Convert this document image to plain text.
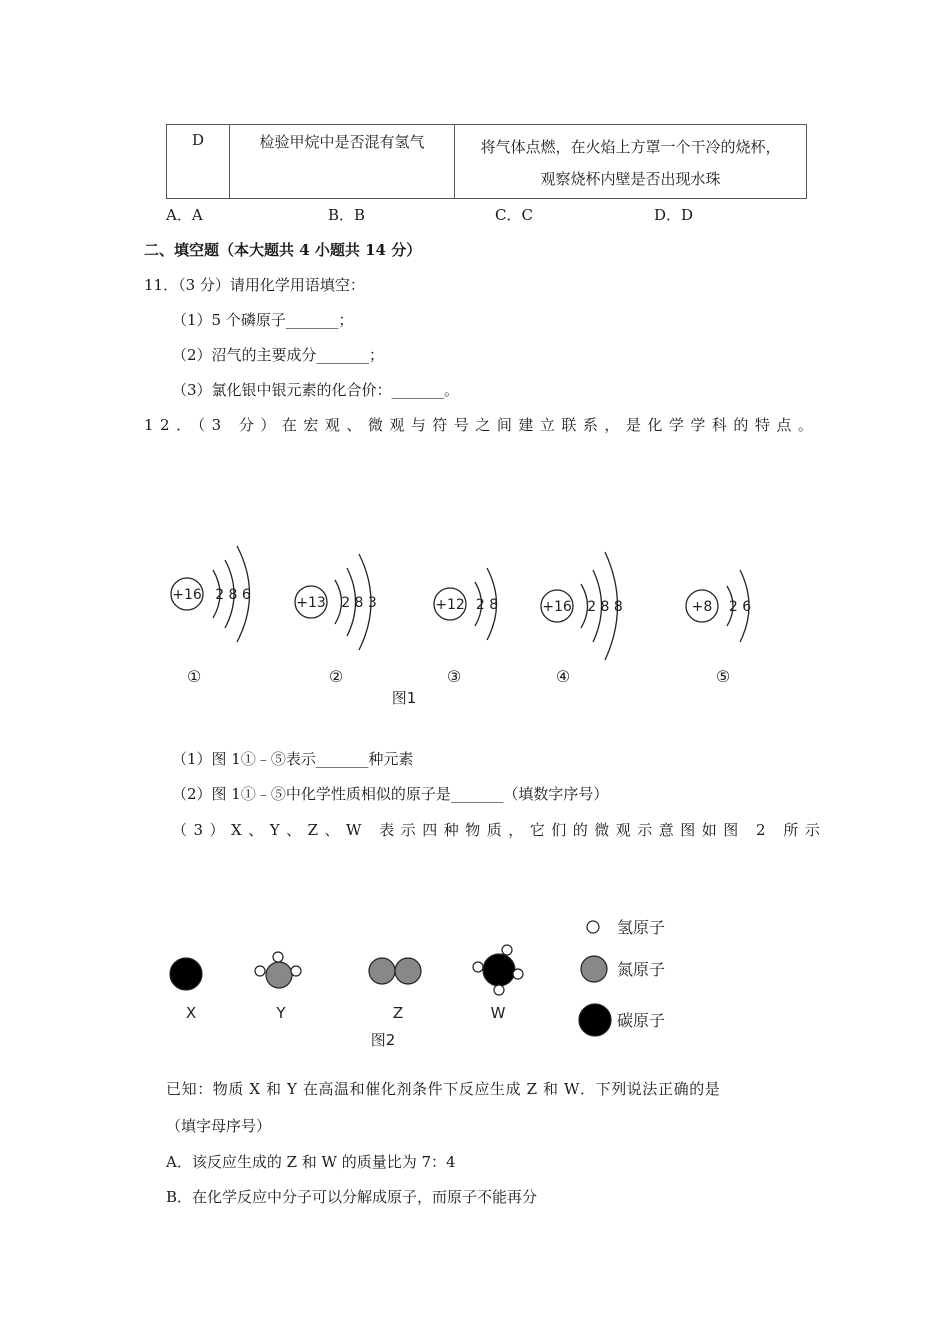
D	检验甲烷中是否混有氢气	将气体点燃，在火焰上方罩一个干冷的烧杯，
观察烧杯内壁是否出现水珠
A．A	B．B	C．C	D．D
二、填空题（本大题共 4 小题共 14 分）
11．（3 分）请用化学用语填空：
（1）5 个磷原子_______；
（2）沼气的主要成分_______；
（3）氯化银中银元素的化合价：_______。
12．（3 分）在宏观、微观与符号之间建立联系，是化学学科的特点。
+16 2 8 6	+13 2 8 3	+12 2 8	+16 2 8 8	+8 2 6
①	②	③	④	⑤
图1
（1）图 1①﹣⑤表示_______种元素
（2）图 1①﹣⑤中化学性质相似的原子是_______（填数字序号）
（3）X、Y、Z、W 表示四种物质，它们的微观示意图如图 2 所示
X	Y	Z	W
图2
氢原子
氮原子
碳原子
已知：物质 X 和 Y 在高温和催化剂条件下反应生成 Z 和 W．下列说法正确的是
（填字母序号）
A．该反应生成的 Z 和 W 的质量比为 7：4
B．在化学反应中分子可以分解成原子，而原子不能再分
